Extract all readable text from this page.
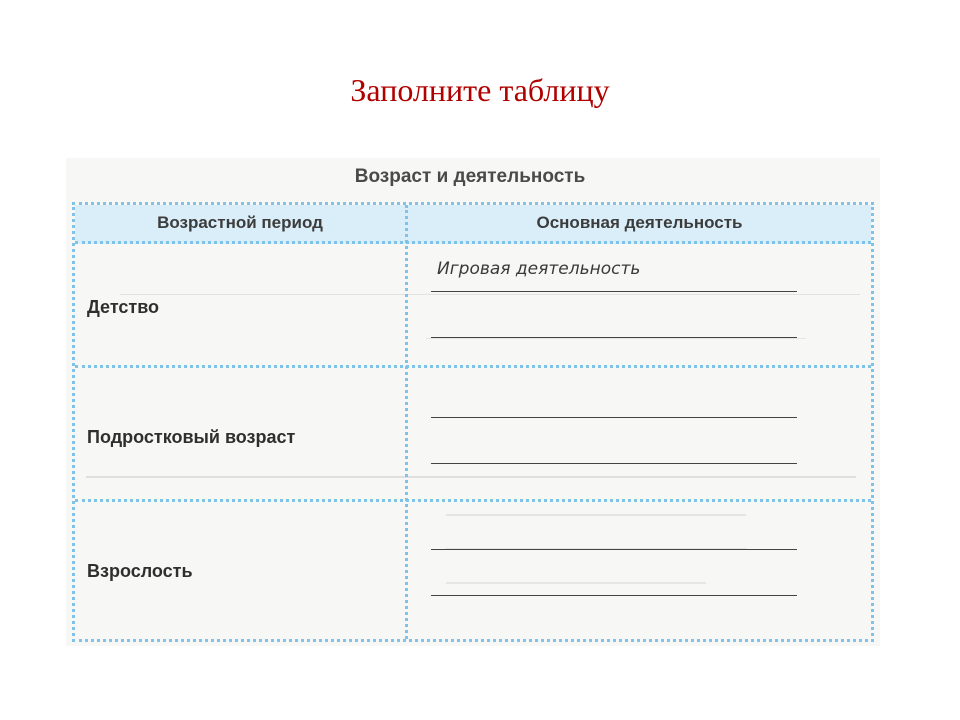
Заполните таблицу
Возраст и деятельность
Возрастной период	Основная деятельность
Детство
Подростковый возраст
Взрослость
Игровая деятельность
